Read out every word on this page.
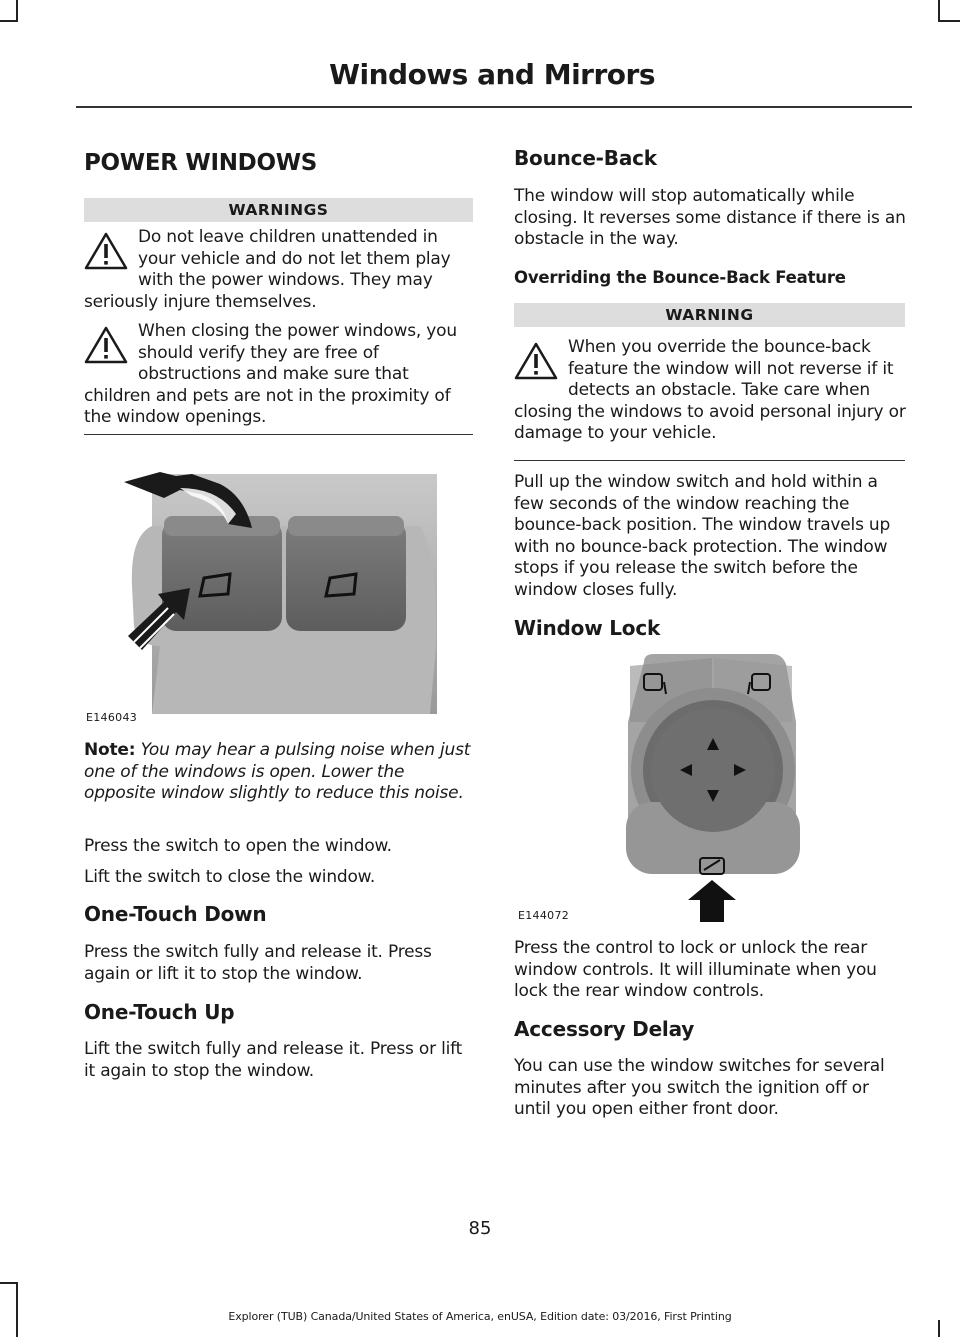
Windows and Mirrors
POWER WINDOWS
WARNINGS

Do not leave children unattended in your vehicle and do not let them play with the power windows. They may seriously injure themselves.

When closing the power windows, you should verify they are free of obstructions and make sure that children and pets are not in the proximity of the window openings.

E146043

Note: You may hear a pulsing noise when just one of the windows is open. Lower the opposite window slightly to reduce this noise.

Press the switch to open the window.

Lift the switch to close the window.

One-Touch Down

Press the switch fully and release it. Press again or lift it to stop the window.

One-Touch Up

Lift the switch fully and release it. Press or lift it again to stop the window.

Bounce-Back

The window will stop automatically while closing. It reverses some distance if there is an obstacle in the way.

Overriding the Bounce-Back Feature
WARNING

When you override the bounce-back feature the window will not reverse if it detects an obstacle. Take care when closing the windows to avoid personal injury or damage to your vehicle.

Pull up the window switch and hold within a few seconds of the window reaching the bounce-back position. The window travels up with no bounce-back protection. The window stops if you release the switch before the window closes fully.

Window Lock
E144072

Press the control to lock or unlock the rear window controls. It will illuminate when you lock the rear window controls.

Accessory Delay

You can use the window switches for several minutes after you switch the ignition off or until you open either front door.

85
Explorer (TUB) Canada/United States of America, enUSA, Edition date: 03/2016, First Printing
